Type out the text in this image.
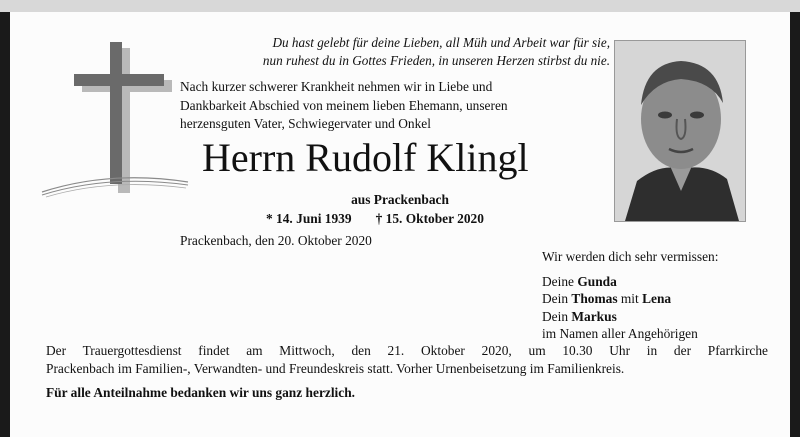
Du hast gelebt für deine Lieben, all Müh und Arbeit war für sie,
nun ruhest du in Gottes Frieden, in unseren Herzen stirbst du nie.
Nach kurzer schwerer Krankheit nehmen wir in Liebe und
Dankbarkeit Abschied von meinem lieben Ehemann, unseren
herzensguten Vater, Schwiegervater und Onkel
Herrn Rudolf Klingl
aus Prackenbach
* 14. Juni 1939 † 15. Oktober 2020
Prackenbach, den 20. Oktober 2020
Wir werden dich sehr vermissen:
Deine Gunda
Dein Thomas mit Lena
Dein Markus
im Namen aller Angehörigen
Der Trauergottesdienst findet am Mittwoch, den 21. Oktober 2020, um 10.30 Uhr in der Pfarrkirche
Prackenbach im Familien-, Verwandten- und Freundeskreis statt. Vorher Urnenbeisetzung im Familienkreis.
Für alle Anteilnahme bedanken wir uns ganz herzlich.
